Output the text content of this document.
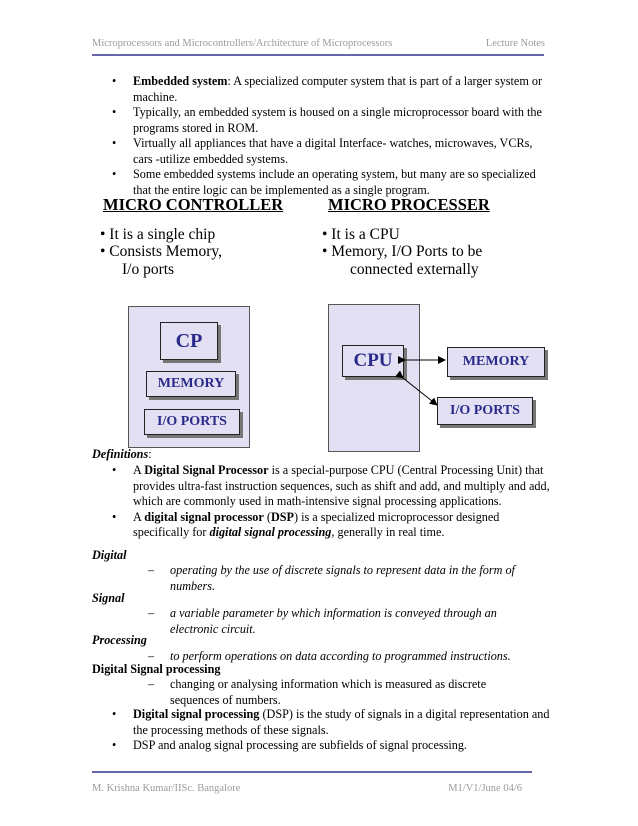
Microprocessors and Microcontrollers/Architecture of Microprocessors	Lecture Notes
• Embedded system: A specialized computer system that is part of a larger system or machine.
• Typically, an embedded system is housed on a single microprocessor board with the programs stored in ROM.
• Virtually all appliances that have a digital Interface- watches, microwaves, VCRs, cars -utilize embedded systems.
• Some embedded systems include an operating system, but many are so specialized that the entire logic can be implemented as a single program.
MICRO CONTROLLER
• It is a single chip
• Consists Memory,
I/o ports
MICRO PROCESSER
• It is a CPU
• Memory, I/O Ports to be
connected externally
CP
MEMORY
I/O PORTS
CPU	MEMORY
I/O PORTS
Definitions:
• A Digital Signal Processor is a special-purpose CPU (Central Processing Unit) that provides ultra-fast instruction sequences, such as shift and add, and multiply and add, which are commonly used in math-intensive signal processing applications.
• A digital signal processor (DSP) is a specialized microprocessor designed specifically for digital signal processing, generally in real time.
Digital
– operating by the use of discrete signals to represent data in the form of numbers.
Signal
– a variable parameter by which information is conveyed through an electronic circuit.
Processing
– to perform operations on data according to programmed instructions.
Digital Signal processing
– changing or analysing information which is measured as discrete sequences of numbers.
• Digital signal processing (DSP) is the study of signals in a digital representation and the processing methods of these signals.
• DSP and analog signal processing are subfields of signal processing.
M. Krishna Kumar/IISc. Bangalore	M1/V1/June 04/6
